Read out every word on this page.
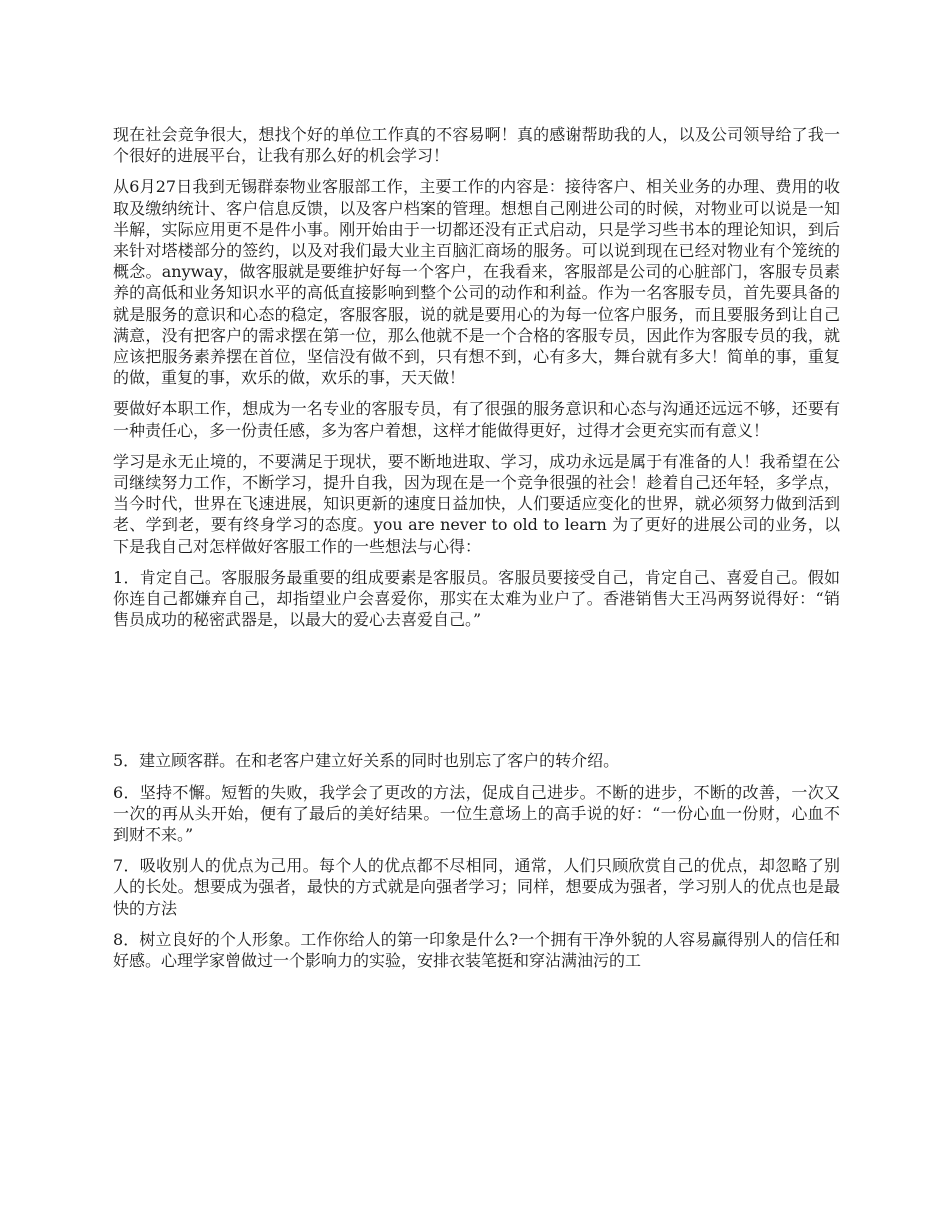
现在社会竞争很大，想找个好的单位工作真的不容易啊！真的感谢帮助我的人，以及公司领导给了我一个很好的进展平台，让我有那么好的机会学习！

从6月27日我到无锡群泰物业客服部工作，主要工作的内容是：接待客户、相关业务的办理、费用的收取及缴纳统计、客户信息反馈，以及客户档案的管理。想想自己刚进公司的时候，对物业可以说是一知半解，实际应用更不是件小事。刚开始由于一切都还没有正式启动，只是学习些书本的理论知识，到后来针对塔楼部分的签约，以及对我们最大业主百脑汇商场的服务。可以说到现在已经对物业有个笼统的概念。anyway，做客服就是要维护好每一个客户，在我看来，客服部是公司的心脏部门，客服专员素养的高低和业务知识水平的高低直接影响到整个公司的动作和利益。作为一名客服专员，首先要具备的就是服务的意识和心态的稳定，客服客服，说的就是要用心的为每一位客户服务，而且要服务到让自己满意，没有把客户的需求摆在第一位，那么他就不是一个合格的客服专员，因此作为客服专员的我，就应该把服务素养摆在首位，坚信没有做不到，只有想不到，心有多大，舞台就有多大！简单的事，重复的做，重复的事，欢乐的做，欢乐的事，天天做！

要做好本职工作，想成为一名专业的客服专员，有了很强的服务意识和心态与沟通还远远不够，还要有一种责任心，多一份责任感，多为客户着想，这样才能做得更好，过得才会更充实而有意义！

学习是永无止境的，不要满足于现状，要不断地进取、学习，成功永远是属于有准备的人！我希望在公司继续努力工作，不断学习，提升自我，因为现在是一个竞争很强的社会！趁着自己还年轻，多学点，当今时代，世界在飞速进展，知识更新的速度日益加快，人们要适应变化的世界，就必须努力做到活到老、学到老，要有终身学习的态度。you are never to old to learn 为了更好的进展公司的业务，以下是我自己对怎样做好客服工作的一些想法与心得：

1．肯定自己。客服服务最重要的组成要素是客服员。客服员要接受自己，肯定自己、喜爱自己。假如你连自己都嫌弃自己，却指望业户会喜爱你，那实在太难为业户了。香港销售大王冯两努说得好：“销售员成功的秘密武器是，以最大的爱心去喜爱自己。”

5．建立顾客群。在和老客户建立好关系的同时也别忘了客户的转介绍。

6．坚持不懈。短暂的失败，我学会了更改的方法，促成自己进步。不断的进步，不断的改善，一次又一次的再从头开始，便有了最后的美好结果。一位生意场上的高手说的好：“一份心血一份财，心血不到财不来。”

7．吸收别人的优点为己用。每个人的优点都不尽相同，通常，人们只顾欣赏自己的优点，却忽略了别人的长处。想要成为强者，最快的方式就是向强者学习；同样，想要成为强者，学习别人的优点也是最快的方法

8．树立良好的个人形象。工作你给人的第一印象是什么?一个拥有干净外貌的人容易赢得别人的信任和好感。心理学家曾做过一个影响力的实验，安排衣装笔挺和穿沾满油污的工
